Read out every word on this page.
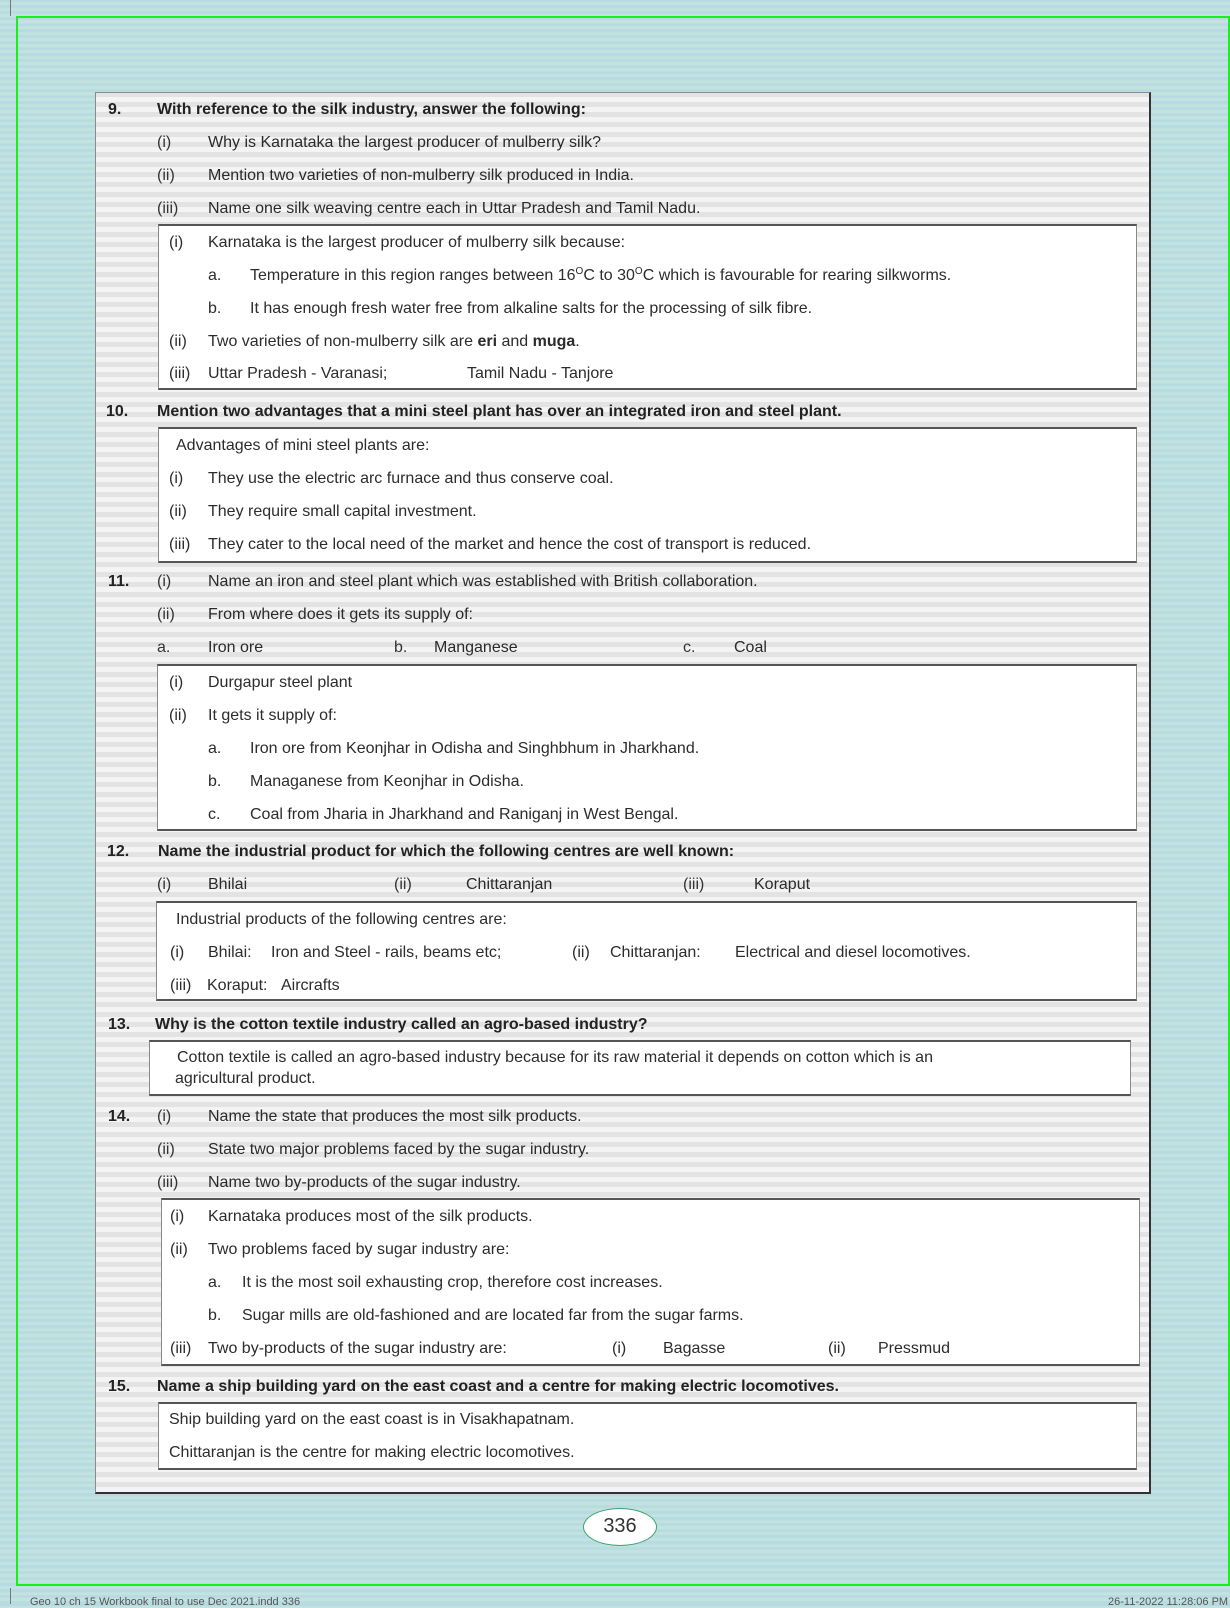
9. With reference to the silk industry, answer the following:
(i) Why is Karnataka the largest producer of mulberry silk?
(ii) Mention two varieties of non-mulberry silk produced in India.
(iii) Name one silk weaving centre each in Uttar Pradesh and Tamil Nadu.
(i) Karnataka is the largest producer of mulberry silk because:
a. Temperature in this region ranges between $16^OC$ to $30^OC$ which is favourable for rearing silkworms.
b. It has enough fresh water free from alkaline salts for the processing of silk fibre.
(ii) Two varieties of non-mulberry silk are eri and muga.
(iii) Uttar Pradesh - Varanasi;	Tamil Nadu - Tanjore
10. Mention two advantages that a mini steel plant has over an integrated iron and steel plant.
Advantages of mini steel plants are:
(i) They use the electric arc furnace and thus conserve coal.
(ii) They require small capital investment.
(iii) They cater to the local need of the market and hence the cost of transport is reduced.
11. (i) Name an iron and steel plant which was established with British collaboration.
(ii) From where does it gets its supply of:
a. Iron ore	b. Manganese	c. Coal
(i) Durgapur steel plant
(ii) It gets it supply of:
a. Iron ore from Keonjhar in Odisha and Singhbhum in Jharkhand.
b. Managanese from Keonjhar in Odisha.
c. Coal from Jharia in Jharkhand and Raniganj in West Bengal.
12. Name the industrial product for which the following centres are well known:
(i) Bhilai	(ii)	Chittaranjan	(iii)	Koraput
Industrial products of the following centres are:
(i) Bhilai: Iron and Steel - rails, beams etc;	(ii) Chittaranjan: Electrical and diesel locomotives.
(iii) Koraput: Aircrafts
13. Why is the cotton textile industry called an agro-based industry?
Cotton textile is called an agro-based industry because for its raw material it depends on cotton which is an
agricultural product.
14. (i) Name the state that produces the most silk products.
(ii) State two major problems faced by the sugar industry.
(iii) Name two by-products of the sugar industry.
(i) Karnataka produces most of the silk products.
(ii) Two problems faced by sugar industry are:
a. It is the most soil exhausting crop, therefore cost increases.
b. Sugar mills are old-fashioned and are located far from the sugar farms.
(iii) Two by-products of the sugar industry are:	(i) Bagasse	(ii) Pressmud
15. Name a ship building yard on the east coast and a centre for making electric locomotives.
Ship building yard on the east coast is in Visakhapatnam.
Chittaranjan is the centre for making electric locomotives.
336
Geo 10 ch 15 Workbook final to use Dec 2021.indd 336	26-11-2022 11:28:06 PM
